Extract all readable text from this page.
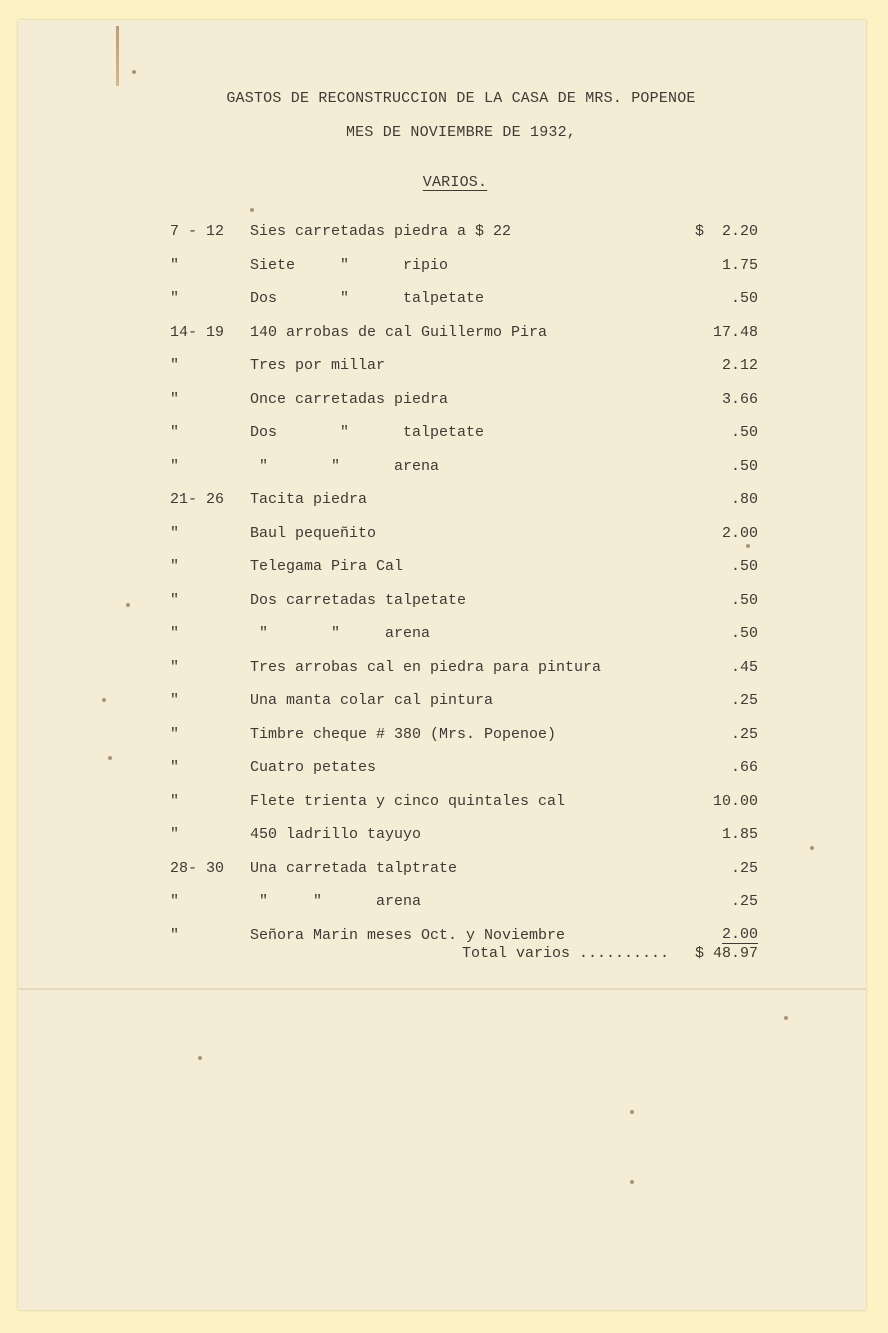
GASTOS DE RECONSTRUCCION DE LA CASA DE MRS. POPENOE
MES DE NOVIEMBRE DE 1932,
VARIOS.
7 - 12	Sies carretadas piedra a $ 22	$  2.20
"	Siete     "      ripio	1.75
"	Dos       "      talpetate	.50
14- 19	140 arrobas de cal Guillermo Pira	17.48
"	Tres por millar	2.12
"	Once carretadas piedra	3.66
"	Dos       "      talpetate	.50
"	"       "      arena	.50
21- 26	Tacita piedra	.80
"	Baul pequeñito	2.00
"	Telegama Pira Cal	.50
"	Dos carretadas talpetate	.50
"	"       "     arena	.50
"	Tres arrobas cal en piedra para pintura	.45
"	Una manta colar cal pintura	.25
"	Timbre cheque # 380 (Mrs. Popenoe)	.25
"	Cuatro petates	.66
"	Flete trienta y cinco quintales cal	10.00
"	450 ladrillo tayuyo	1.85
28- 30	Una carretada talptrate	.25
"	"     "      arena	.25
"	Señora Marin meses Oct. y Noviembre	2.00
Total varios .......... $ 48.97
